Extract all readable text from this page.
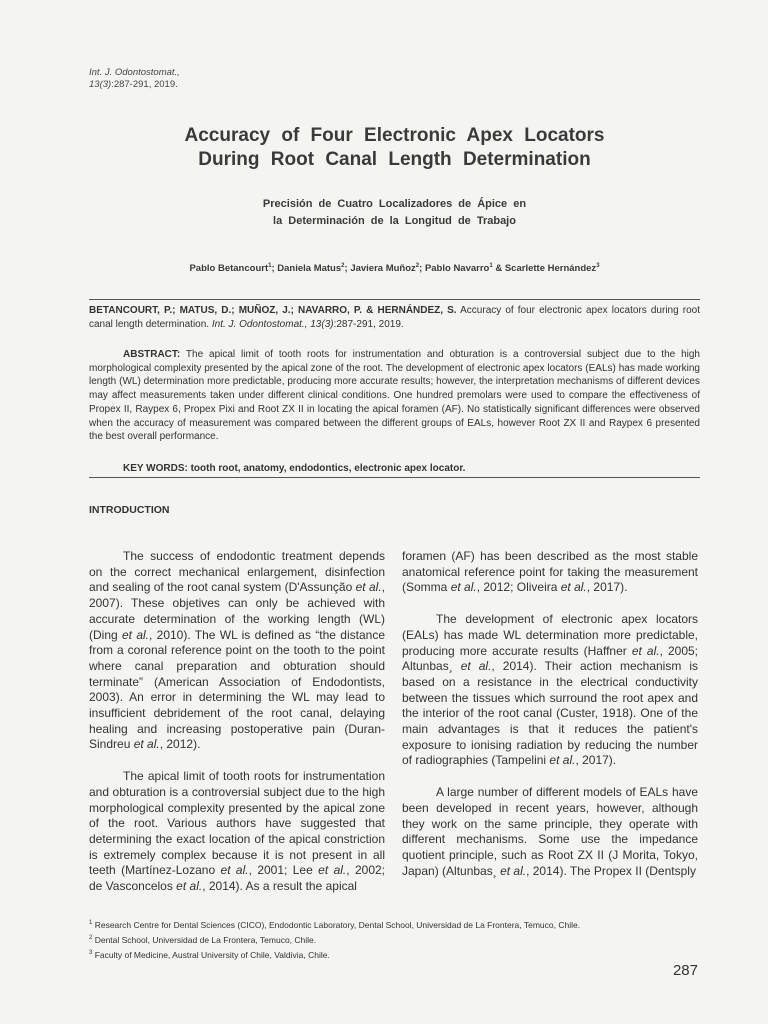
Int. J. Odontostomat.,
13(3):287-291, 2019.
Accuracy of Four Electronic Apex Locators
During Root Canal Length Determination
Precisión de Cuatro Localizadores de Ápice en
la Determinación de la Longitud de Trabajo
Pablo Betancourt$^1$; Daniela Matus$^2$; Javiera Muñoz$^2$; Pablo Navarro$^1$ & Scarlette Hernández$^3$
BETANCOURT, P.; MATUS, D.; MUÑOZ, J.; NAVARRO, P. & HERNÁNDEZ, S. Accuracy of four electronic apex locators during root canal length determination. Int. J. Odontostomat., 13(3):287-291, 2019.
ABSTRACT: The apical limit of tooth roots for instrumentation and obturation is a controversial subject due to the high morphological complexity presented by the apical zone of the root. The development of electronic apex locators (EALs) has made working length (WL) determination more predictable, producing more accurate results; however, the interpretation mechanisms of different devices may affect measurements taken under different clinical conditions. One hundred premolars were used to compare the effectiveness of Propex II, Raypex 6, Propex Pixi and Root ZX II in locating the apical foramen (AF). No statistically significant differences were observed when the accuracy of measurement was compared between the different groups of EALs, however Root ZX II and Raypex 6 presented the best overall performance.
KEY WORDS: tooth root, anatomy, endodontics, electronic apex locator.
INTRODUCTION

The success of endodontic treatment depends on the correct mechanical enlargement, disinfection and sealing of the root canal system (D'Assunção et al., 2007). These objetives can only be achieved with accurate determination of the working length (WL) (Ding et al., 2010). The WL is defined as “the distance from a coronal reference point on the tooth to the point where canal preparation and obturation should terminate” (American Association of Endodontists, 2003). An error in determining the WL may lead to insufficient debridement of the root canal, delaying healing and increasing postoperative pain (Duran-Sindreu et al., 2012).

The apical limit of tooth roots for instrumentation and obturation is a controversial subject due to the high morphological complexity presented by the apical zone of the root. Various authors have suggested that determining the exact location of the apical constriction is extremely complex because it is not present in all teeth (Martínez-Lozano et al., 2001; Lee et al., 2002; de Vasconcelos et al., 2014). As a result the apical

foramen (AF) has been described as the most stable anatomical reference point for taking the measurement (Somma et al., 2012; Oliveira et al., 2017).

The development of electronic apex locators (EALs) has made WL determination more predictable, producing more accurate results (Haffner et al., 2005; Altunbas¸ et al., 2014). Their action mechanism is based on a resistance in the electrical conductivity between the tissues which surround the root apex and the interior of the root canal (Custer, 1918). One of the main advantages is that it reduces the patient's exposure to ionising radiation by reducing the number of radiographies (Tampelini et al., 2017).

A large number of different models of EALs have been developed in recent years, however, although they work on the same principle, they operate with different mechanisms. Some use the impedance quotient principle, such as Root ZX II (J Morita, Tokyo, Japan) (Altunbas¸ et al., 2014). The Propex II (Dentsply

$^1$ Research Centre for Dental Sciences (CICO), Endodontic Laboratory, Dental School, Universidad de La Frontera, Temuco, Chile.
$^2$ Dental School, Universidad de La Frontera, Temuco, Chile.
$^3$ Faculty of Medicine, Austral University of Chile, Valdivia, Chile.
287
